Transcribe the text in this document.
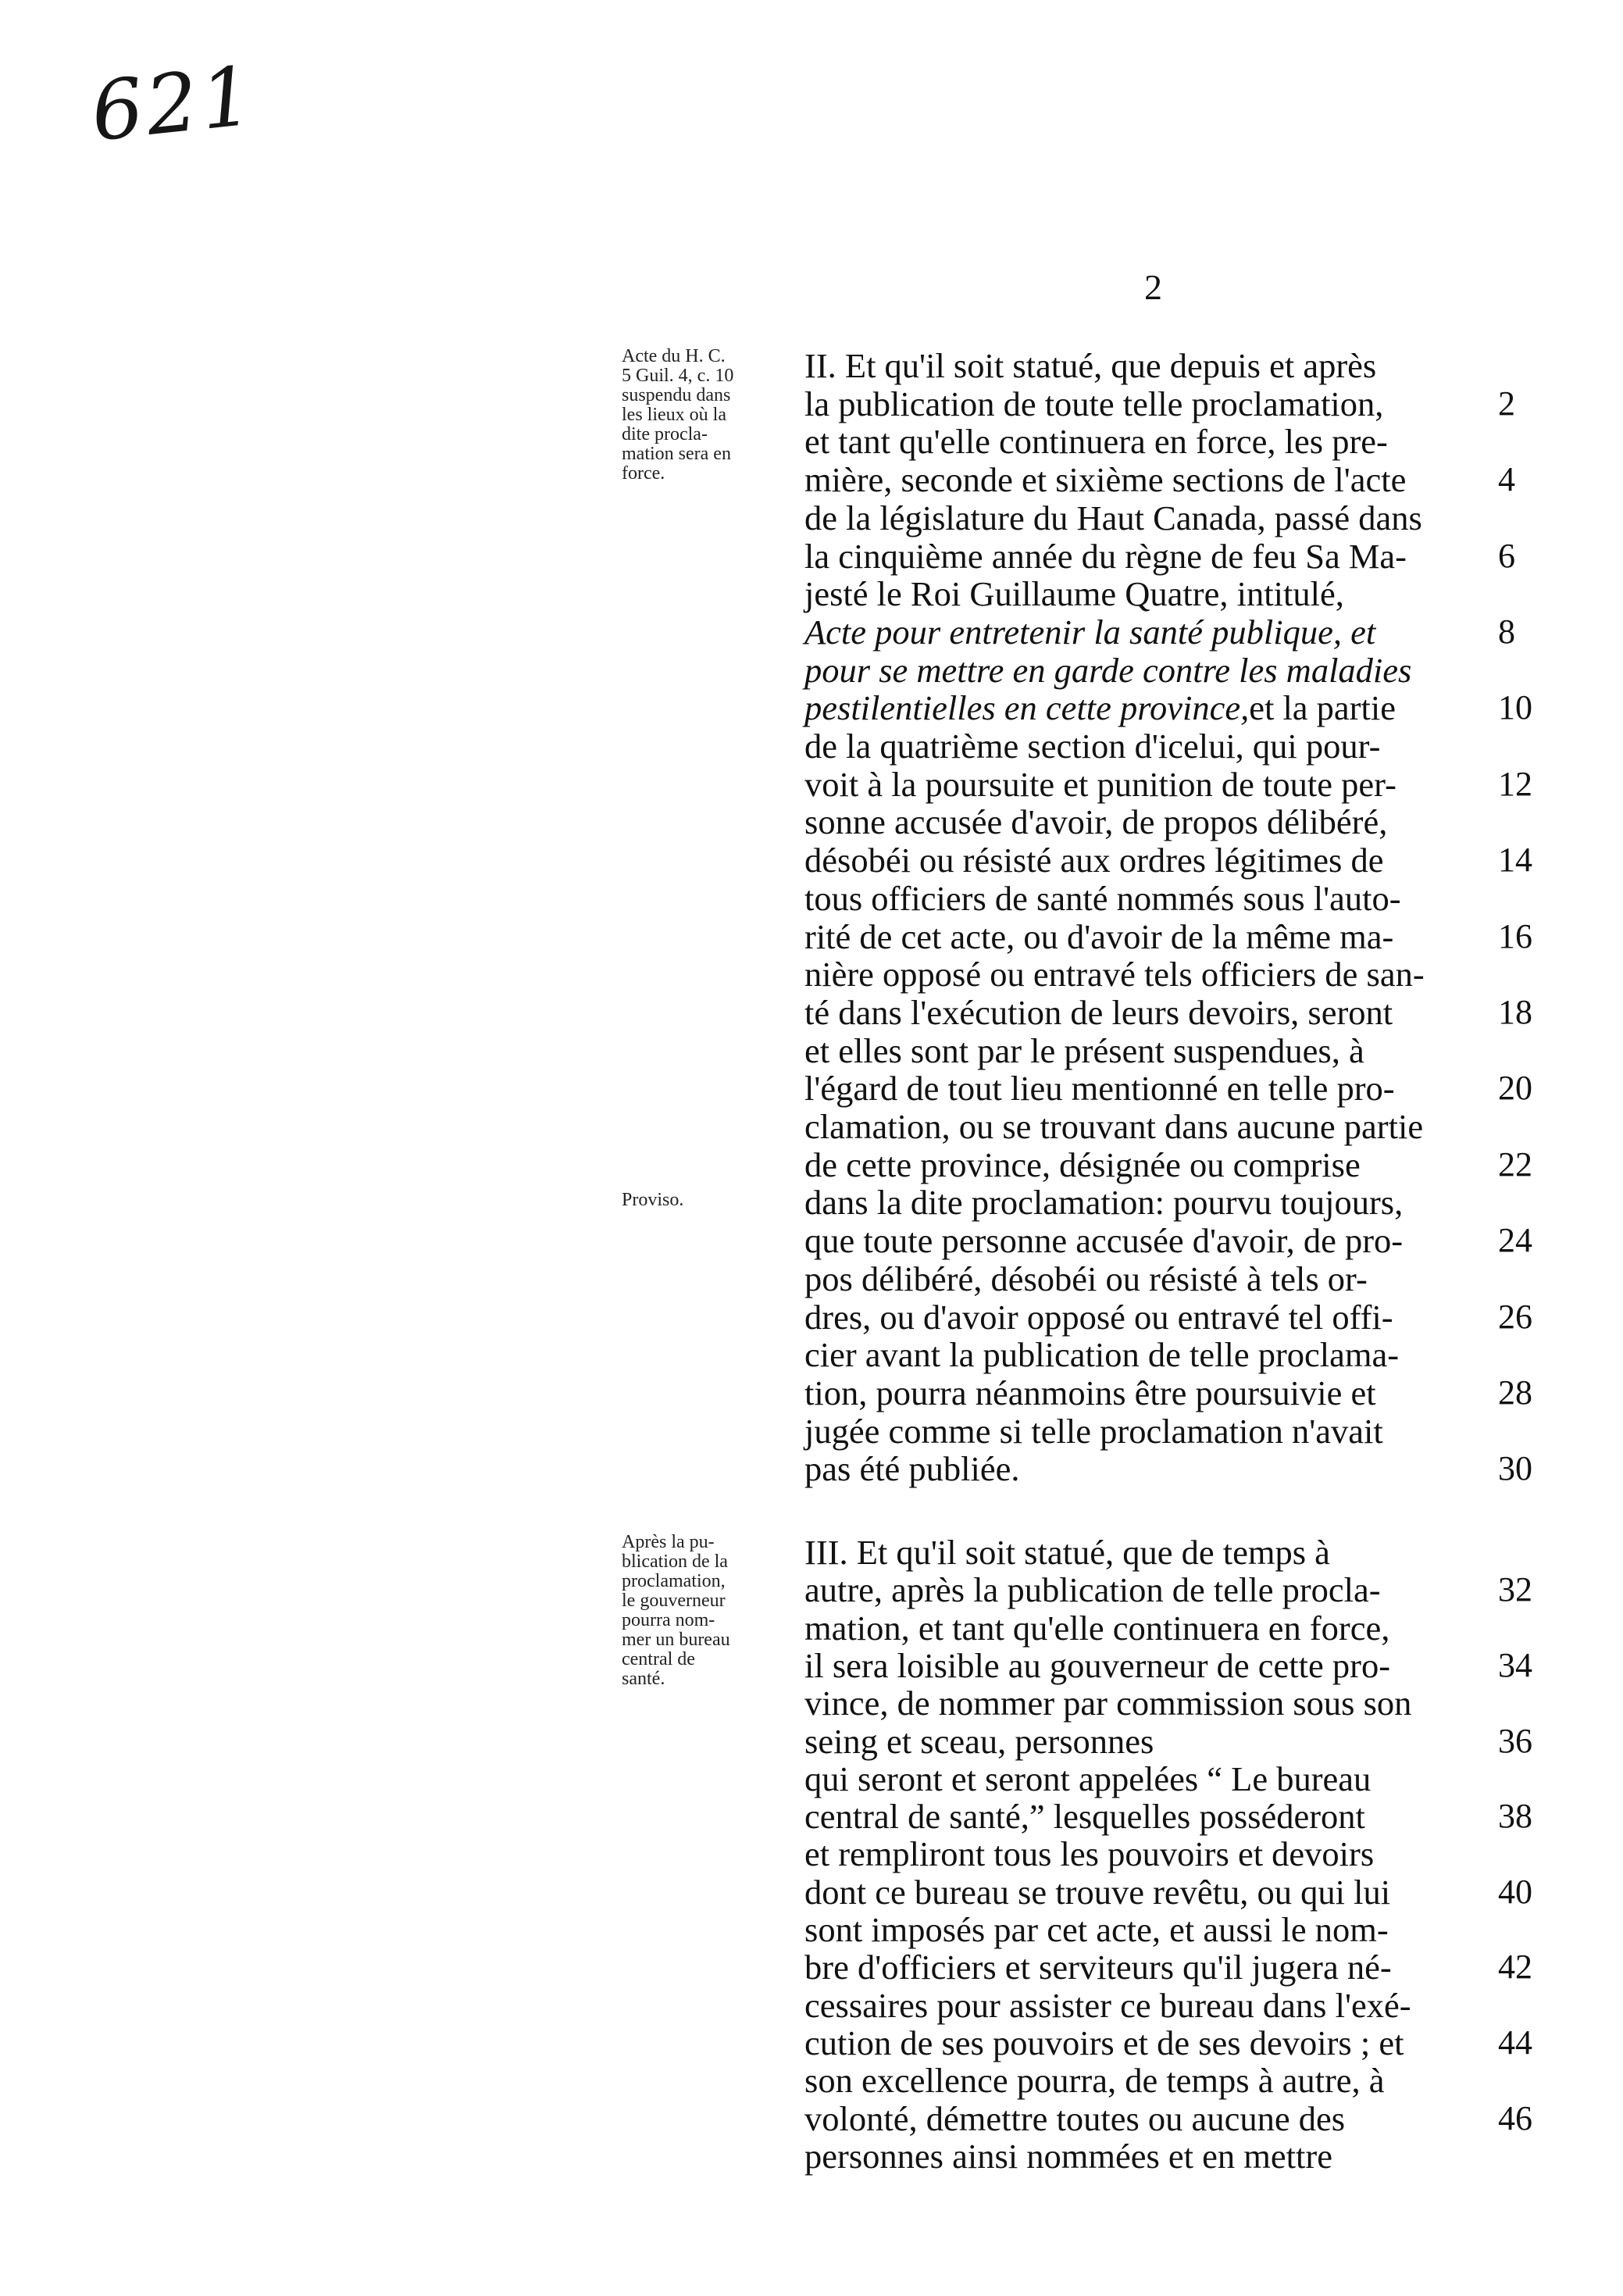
621
2
Acte du H. C.
5 Guil. 4, c. 10
suspendu dans
les lieux où la
dite procla-
mation sera en
force.
Proviso.
Après la pu-
blication de la
proclamation,
le gouverneur
pourra nom-
mer un bureau
central de
santé.
II. Et qu'il soit statué, que depuis et après
la publication de toute telle proclamation,	2
et tant qu'elle continuera en force, les pre-
mière, seconde et sixième sections de l'acte	4
de la législature du Haut Canada, passé dans
la cinquième année du règne de feu Sa Ma-	6
jesté le Roi Guillaume Quatre, intitulé,
Acte pour entretenir la santé publique, et	8
pour se mettre en garde contre les maladies
pestilentielles en cette province,et la partie	10
de la quatrième section d'icelui, qui pour-
voit à la poursuite et punition de toute per-	12
sonne accusée d'avoir, de propos délibéré,
désobéi ou résisté aux ordres légitimes de	14
tous officiers de santé nommés sous l'auto-
rité de cet acte, ou d'avoir de la même ma-	16
nière opposé ou entravé tels officiers de san-
té dans l'exécution de leurs devoirs, seront	18
et elles sont par le présent suspendues, à
l'égard de tout lieu mentionné en telle pro-	20
clamation, ou se trouvant dans aucune partie
de cette province, désignée ou comprise	22
dans la dite proclamation: pourvu toujours,
que toute personne accusée d'avoir, de pro-	24
pos délibéré, désobéi ou résisté à tels or-
dres, ou d'avoir opposé ou entravé tel offi-	26
cier avant la publication de telle proclama-
tion, pourra néanmoins être poursuivie et	28
jugée comme si telle proclamation n'avait
pas été publiée.	30
III. Et qu'il soit statué, que de temps à
autre, après la publication de telle procla-	32
mation, et tant qu'elle continuera en force,
il sera loisible au gouverneur de cette pro-	34
vince, de nommer par commission sous son
seing et sceau, personnes	36
qui seront et seront appelées “ Le bureau
central de santé,” lesquelles posséderont	38
et rempliront tous les pouvoirs et devoirs
dont ce bureau se trouve revêtu, ou qui lui	40
sont imposés par cet acte, et aussi le nom-
bre d'officiers et serviteurs qu'il jugera né-	42
cessaires pour assister ce bureau dans l'exé-
cution de ses pouvoirs et de ses devoirs ; et	44
son excellence pourra, de temps à autre, à
volonté, démettre toutes ou aucune des	46
personnes ainsi nommées et en mettre
